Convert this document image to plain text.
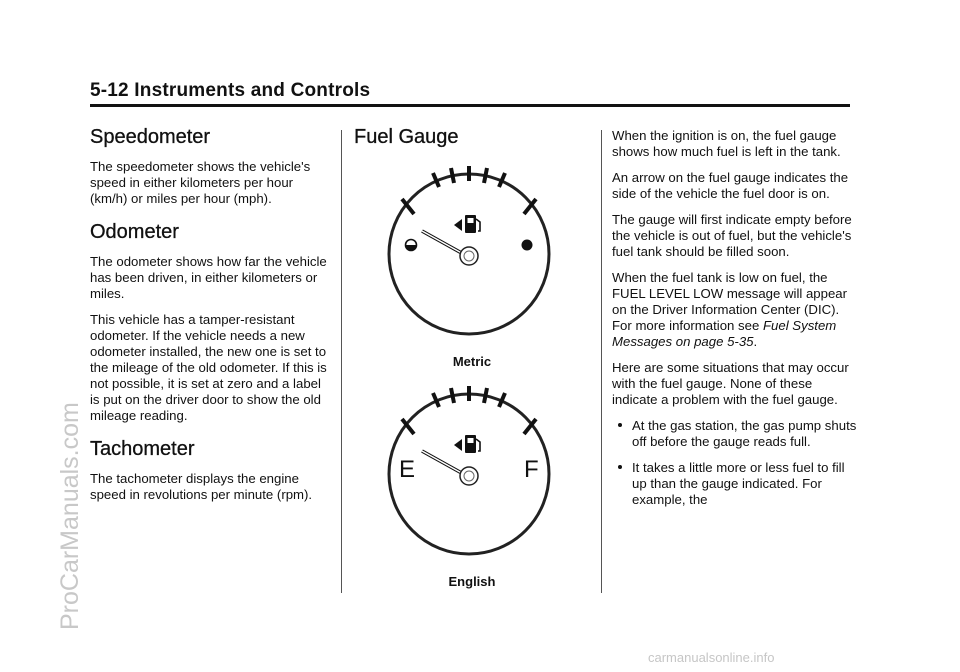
5-12 Instruments and Controls
Speedometer

The speedometer shows the vehicle's speed in either kilometers per hour (km/h) or miles per hour (mph).

Odometer

The odometer shows how far the vehicle has been driven, in either kilometers or miles.

This vehicle has a tamper-resistant odometer. If the vehicle needs a new odometer installed, the new one is set to the mileage of the old odometer. If this is not possible, it is set at zero and a label is put on the driver door to show the old mileage reading.

Tachometer

The tachometer displays the engine speed in revolutions per minute (rpm).

Fuel Gauge
Metric
E	F
English

When the ignition is on, the fuel gauge shows how much fuel is left in the tank.

An arrow on the fuel gauge indicates the side of the vehicle the fuel door is on.

The gauge will first indicate empty before the vehicle is out of fuel, but the vehicle's fuel tank should be filled soon.

When the fuel tank is low on fuel, the FUEL LEVEL LOW message will appear on the Driver Information Center (DIC). For more information see Fuel System Messages on page 5-35.

Here are some situations that may occur with the fuel gauge. None of these indicate a problem with the fuel gauge.

At the gas station, the gas pump shuts off before the gauge reads full.

It takes a little more or less fuel to fill up than the gauge indicated. For example, the

ProCarManuals.com
carmanualsonline.info
